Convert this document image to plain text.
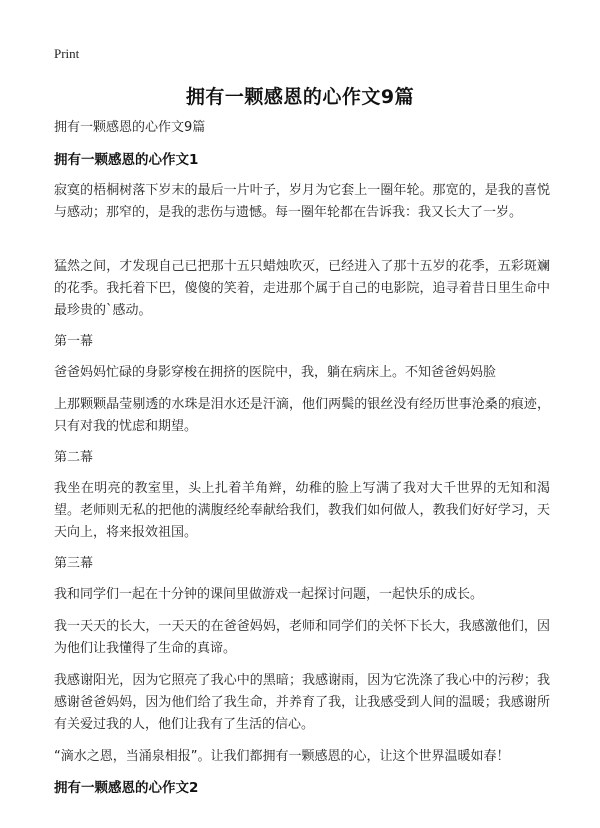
Print
拥有一颗感恩的心作文9篇

拥有一颗感恩的心作文9篇

拥有一颗感恩的心作文1

寂寞的梧桐树落下岁末的最后一片叶子，岁月为它套上一圈年轮。那宽的，是我的喜悦与感动；那窄的，是我的悲伤与遗憾。每一圈年轮都在告诉我：我又长大了一岁。

猛然之间，才发现自己已把那十五只蜡烛吹灭，已经进入了那十五岁的花季，五彩斑斓的花季。我托着下巴，傻傻的笑着，走进那个属于自己的电影院，追寻着昔日里生命中最珍贵的`感动。

第一幕

爸爸妈妈忙碌的身影穿梭在拥挤的医院中，我，躺在病床上。不知爸爸妈妈脸

上那颗颗晶莹剔透的水珠是泪水还是汗滴，他们两鬓的银丝没有经历世事沧桑的痕迹，只有对我的忧虑和期望。

第二幕

我坐在明亮的教室里，头上扎着羊角辫，幼稚的脸上写满了我对大千世界的无知和渴望。老师则无私的把他的满腹经纶奉献给我们，教我们如何做人，教我们好好学习，天天向上，将来报效祖国。

第三幕

我和同学们一起在十分钟的课间里做游戏一起探讨问题，一起快乐的成长。

我一天天的长大，一天天的在爸爸妈妈，老师和同学们的关怀下长大，我感激他们，因为他们让我懂得了生命的真谛。

我感谢阳光，因为它照亮了我心中的黑暗；我感谢雨，因为它洗涤了我心中的污秽；我感谢爸爸妈妈，因为他们给了我生命，并养育了我，让我感受到人间的温暖；我感谢所有关爱过我的人，他们让我有了生活的信心。

“滴水之恩，当涌泉相报”。让我们都拥有一颗感恩的心，让这个世界温暖如春！

拥有一颗感恩的心作文2
